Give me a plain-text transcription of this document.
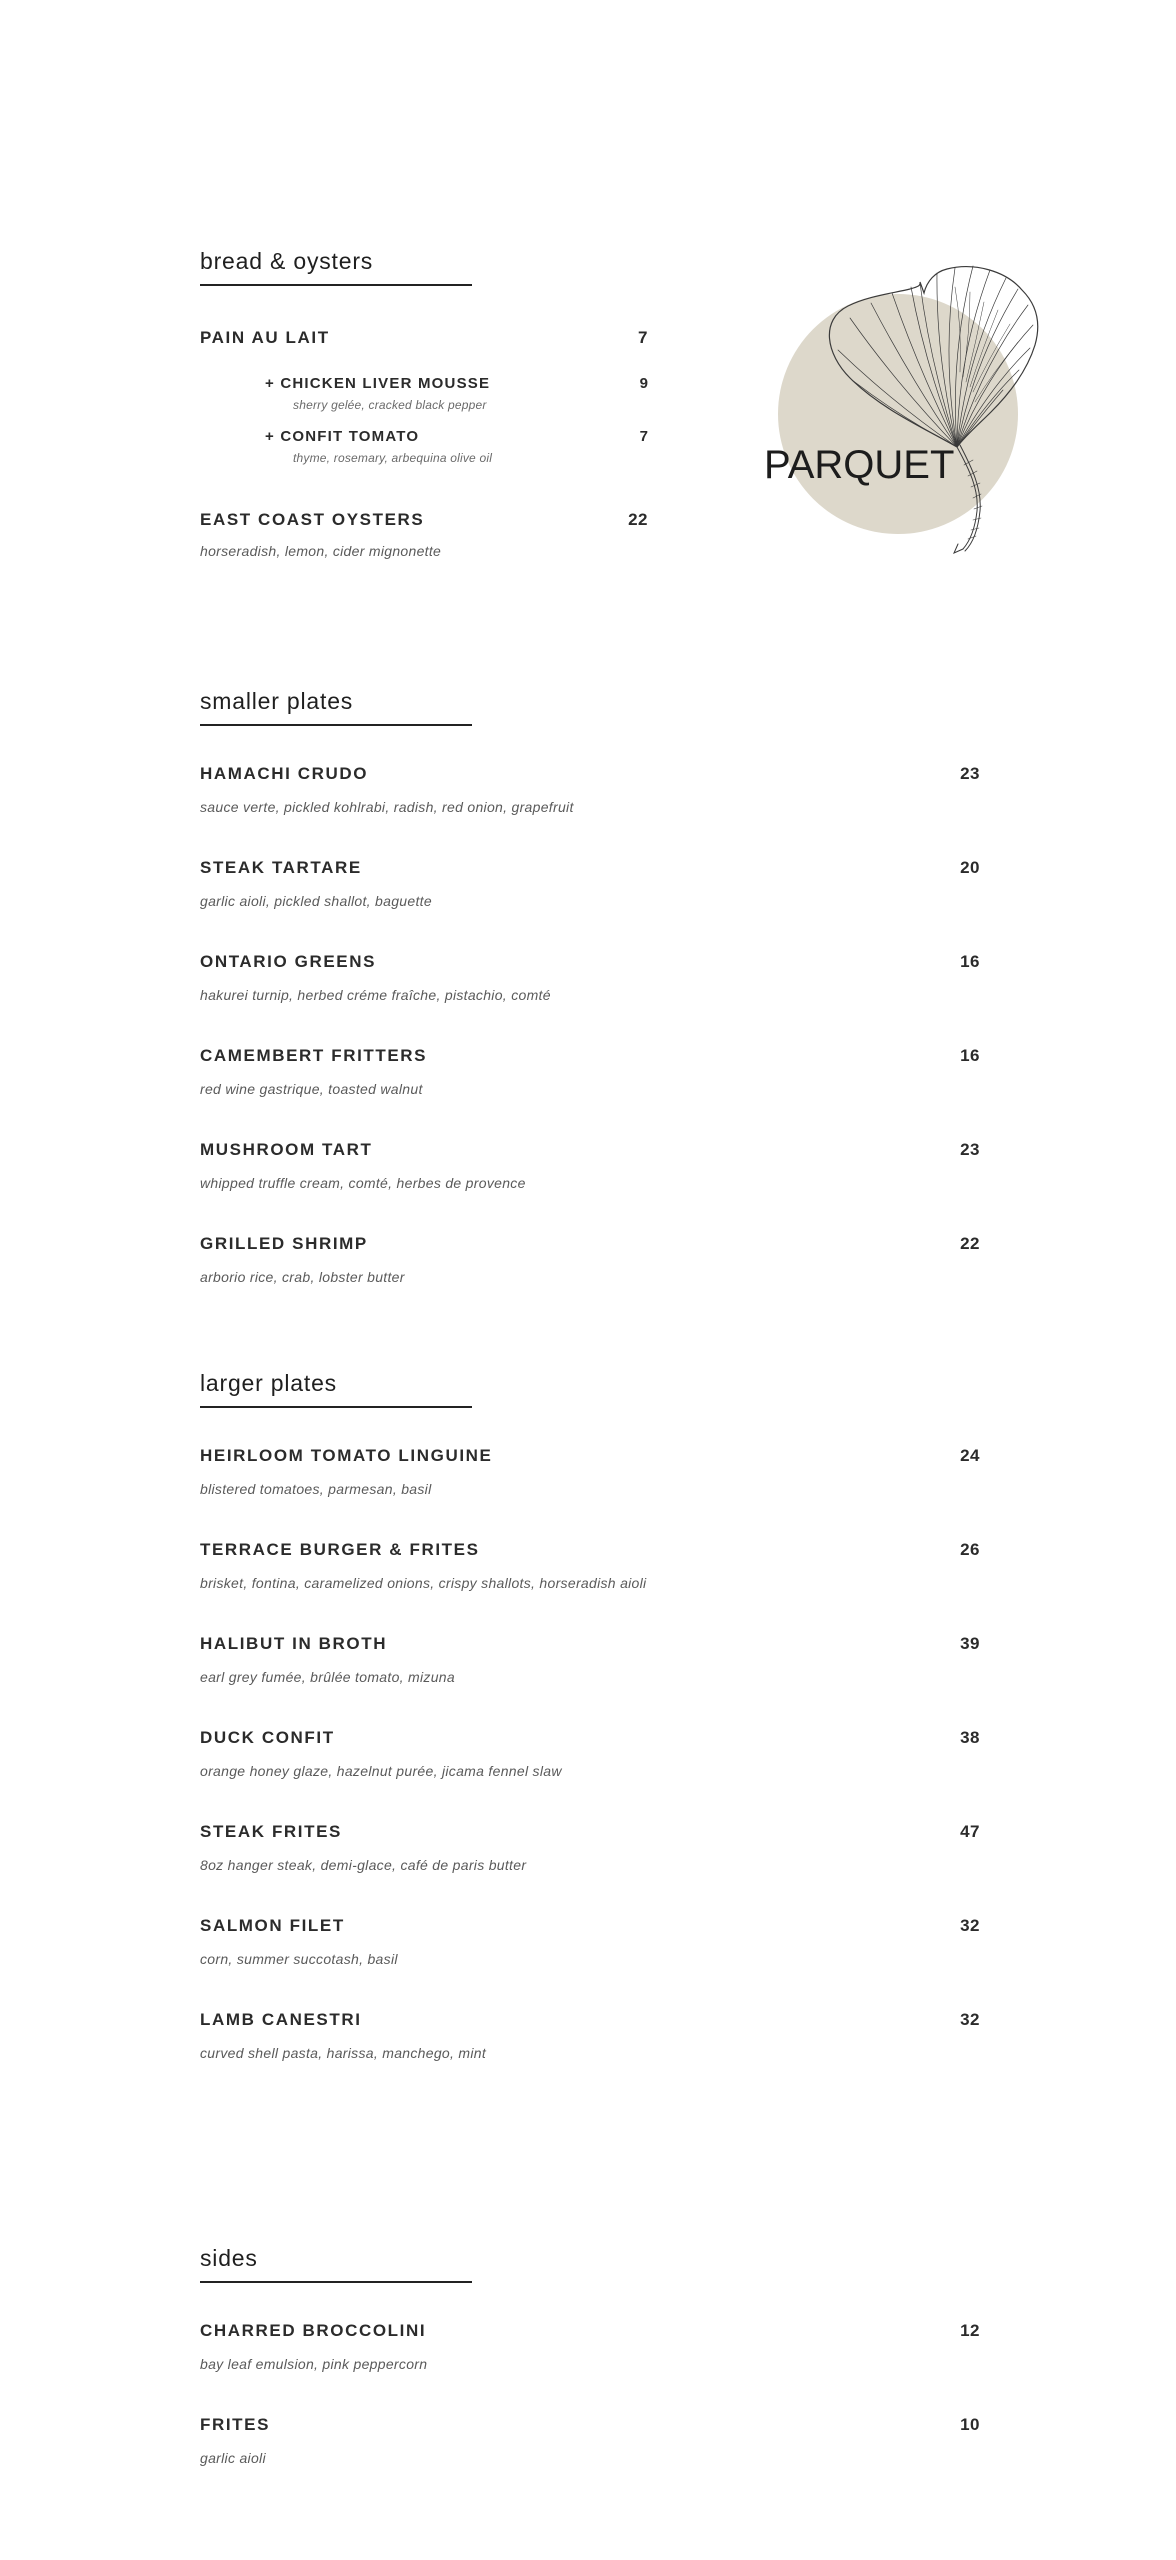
bread & oysters
PAIN AU LAIT	7
+ CHICKEN LIVER MOUSSE	9
sherry gelée, cracked black pepper
+ CONFIT TOMATO	7
thyme, rosemary, arbequina olive oil
EAST COAST OYSTERS	22
horseradish, lemon, cider mignonette
smaller plates
HAMACHI CRUDO	23
sauce verte, pickled kohlrabi, radish, red onion, grapefruit
STEAK TARTARE	20
garlic aioli, pickled shallot, baguette
ONTARIO GREENS	16
hakurei turnip, herbed créme fraîche, pistachio, comté
CAMEMBERT FRITTERS	16
red wine gastrique, toasted walnut
MUSHROOM TART	23
whipped truffle cream, comté, herbes de provence
GRILLED SHRIMP	22
arborio rice, crab, lobster butter
larger plates
HEIRLOOM TOMATO LINGUINE	24
blistered tomatoes, parmesan, basil
TERRACE BURGER & FRITES	26
brisket, fontina, caramelized onions, crispy shallots, horseradish aioli
HALIBUT IN BROTH	39
earl grey fumée, brûlée tomato, mizuna
DUCK CONFIT	38
orange honey glaze, hazelnut purée, jicama fennel slaw
STEAK FRITES	47
8oz hanger steak, demi-glace, café de paris butter
SALMON FILET	32
corn, summer succotash, basil
LAMB CANESTRI	32
curved shell pasta, harissa, manchego, mint
sides
CHARRED BROCCOLINI	12
bay leaf emulsion, pink peppercorn
FRITES	10
garlic aioli
PARQUET
